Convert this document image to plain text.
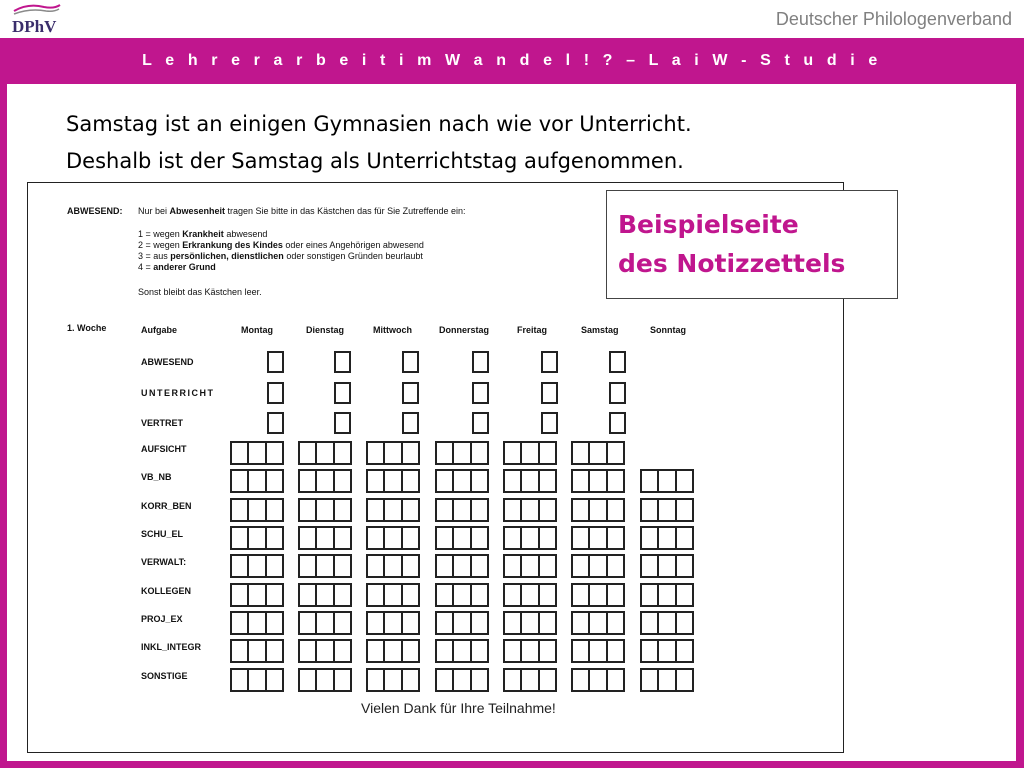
DPhV	Deutscher Philologenverband
L e h r e r a r b e i t i m W a n d e l ! ? – L a i W - S t u d i e
Samstag ist an einigen Gymnasien nach wie vor Unterricht.
Deshalb ist der Samstag als Unterrichtstag aufgenommen.
ABWESEND: Nur bei Abwesenheit tragen Sie bitte in das Kästchen das für Sie Zutreffende ein:
1 = wegen Krankheit abwesend
2 = wegen Erkrankung des Kindes oder eines Angehörigen abwesend
3 = aus persönlichen, dienstlichen oder sonstigen Gründen beurlaubt
4 = anderer Grund
Sonst bleibt das Kästchen leer.
1. Woche	Aufgabe	Montag	Dienstag	Mittwoch	Donnerstag	Freitag	Samstag	Sonntag
ABWESEND
UNTERRICHT
VERTRET
AUFSICHT
VB_NB
KORR_BEN
SCHU_EL
VERWALT:
KOLLEGEN
PROJ_EX
INKL_INTEGR
SONSTIGE
Vielen Dank für Ihre Teilnahme!
Beispielseite
des Notizzettels
